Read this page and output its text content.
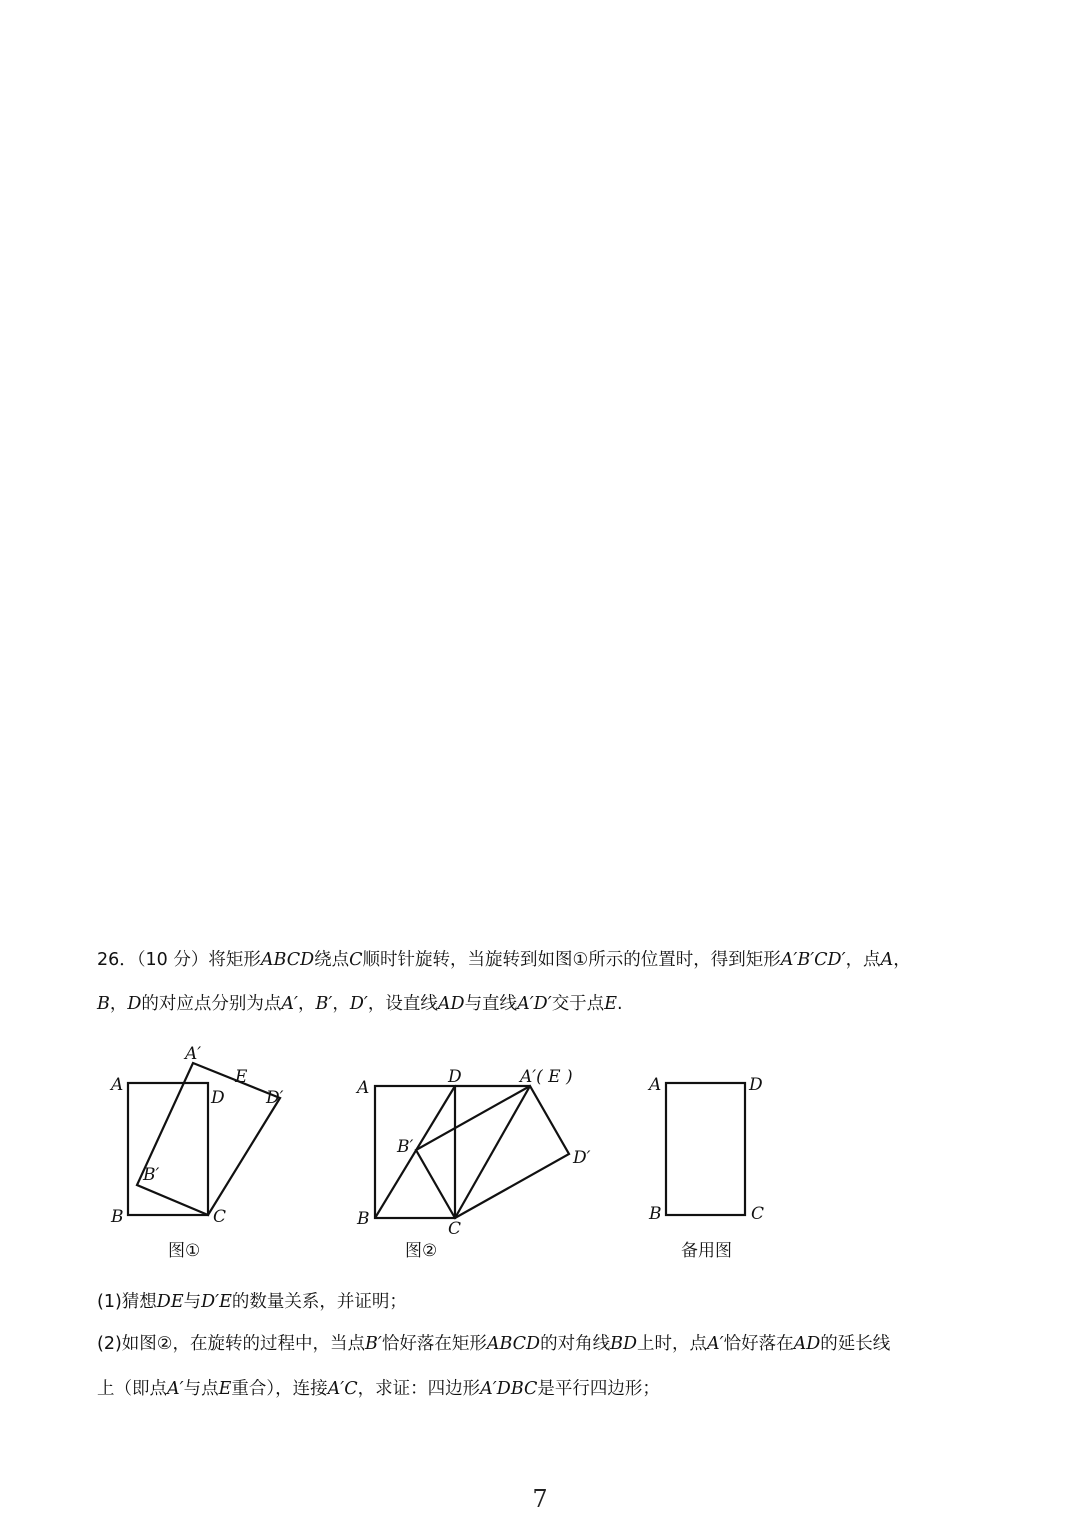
26．（10 分）将矩形ABCD绕点C顺时针旋转，当旋转到如图①所示的位置时，得到矩形A′B′CD′，点A，
B，D的对应点分别为点A′，B′，D′，设直线AD与直线A′D′交于点E.
A
B	C
D
A′
B′
D′
E
A
B	C
D	A′( E )
B′
D′
A	D
B	C
图①	图②	备用图
(1)猜想DE与D′E的数量关系，并证明；
(2)如图②，在旋转的过程中，当点B′恰好落在矩形ABCD的对角线BD上时，点A′恰好落在AD的延长线
上（即点A′与点E重合），连接A′C，求证：四边形A′DBC是平行四边形；
7
